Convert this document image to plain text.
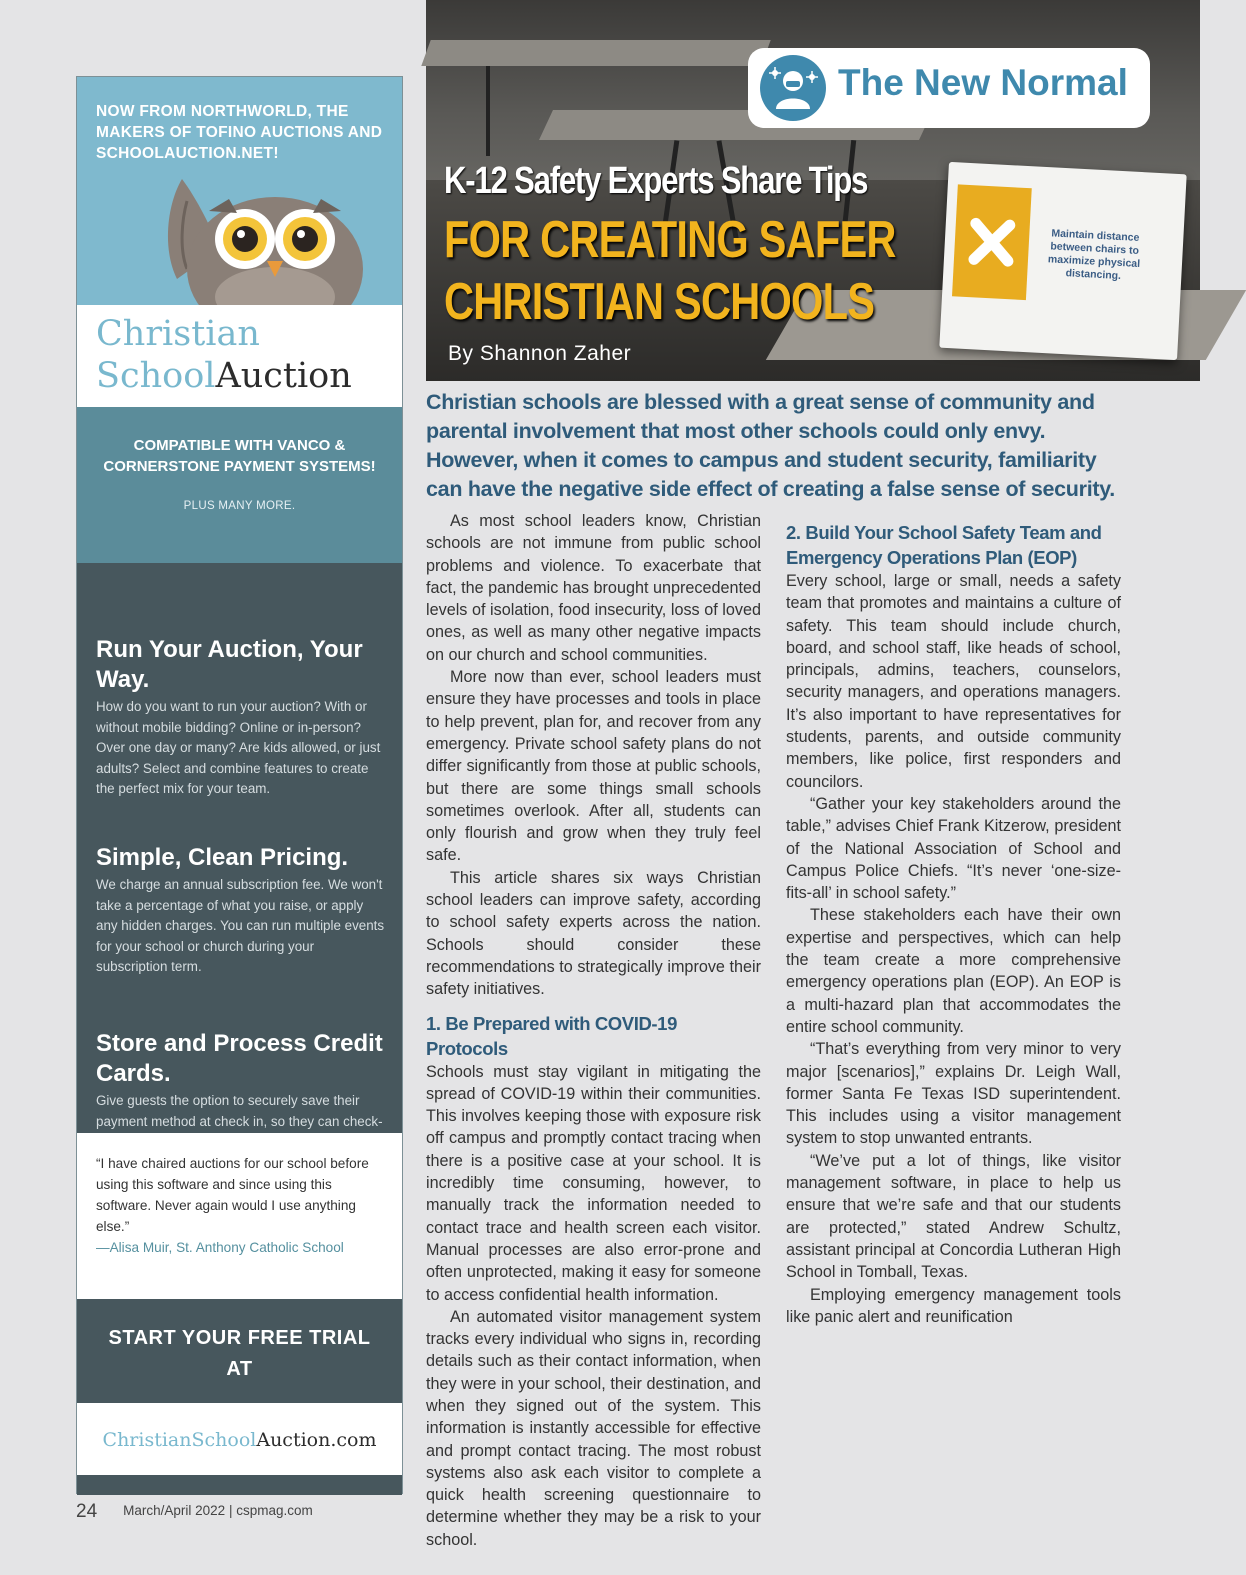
NOW FROM NORTHWORLD, THE MAKERS OF TOFINO AUCTIONS AND SCHOOLAUCTION.NET!

Christian
SchoolAuction

COMPATIBLE WITH VANCO & CORNERSTONE PAYMENT SYSTEMS!

PLUS MANY MORE.

Run Your Auction, Your Way.

How do you want to run your auction? With or without mobile bidding? Online or in-person? Over one day or many? Are kids allowed, or just adults? Select and combine features to create the perfect mix for your team.

Simple, Clean Pricing.

We charge an annual subscription fee. We won't take a percentage of what you raise, or apply any hidden charges. You can run multiple events for your school or church during your subscription term.

Store and Process Credit Cards.

Give guests the option to securely save their payment method at check in, so they can check-

“I have chaired auctions for our school before using this software and since using this software. Never again would I use anything else.”

—Alisa Muir, St. Anthony Catholic School

START YOUR FREE TRIAL AT

ChristianSchoolAuction.com
Maintain distance between chairs to maximize physical distancing.
The New Normal
K-12 Safety Experts Share Tips
FOR CREATING SAFER
CHRISTIAN SCHOOLS
By Shannon Zaher

Christian schools are blessed with a great sense of community and parental involvement that most other schools could only envy. However, when it comes to campus and student security, familiarity can have the negative side effect of creating a false sense of security.

As most school leaders know, Christian schools are not immune from public school problems and violence. To exacerbate that fact, the pandemic has brought unprecedented levels of isolation, food insecurity, loss of loved ones, as well as many other negative impacts on our church and school communities.

More now than ever, school leaders must ensure they have processes and tools in place to help prevent, plan for, and recover from any emergency. Private school safety plans do not differ significantly from those at public schools, but there are some things small schools sometimes overlook. After all, students can only flourish and grow when they truly feel safe.

This article shares six ways Christian school leaders can improve safety, according to school safety experts across the nation. Schools should consider these recommendations to strategically improve their safety initiatives.

1. Be Prepared with COVID-19 Protocols

Schools must stay vigilant in mitigating the spread of COVID-19 within their communities. This involves keeping those with exposure risk off campus and promptly contact tracing when there is a positive case at your school. It is incredibly time consuming, however, to manually track the information needed to contact trace and health screen each visitor. Manual processes are also error-prone and often unprotected, making it easy for someone to access confidential health information.

An automated visitor management system tracks every individual who signs in, recording details such as their contact information, when they were in your school, their destination, and when they signed out of the system. This information is instantly accessible for effective and prompt contact tracing. The most robust systems also ask each visitor to complete a quick health screening questionnaire to determine whether they may be a risk to your school.

2. Build Your School Safety Team and Emergency Operations Plan (EOP)

Every school, large or small, needs a safety team that promotes and maintains a culture of safety. This team should include church, board, and school staff, like heads of school, principals, admins, teachers, counselors, security managers, and operations managers. It’s also important to have representatives for students, parents, and outside community members, like police, first responders and councilors.

“Gather your key stakeholders around the table,” advises Chief Frank Kitzerow, president of the National Association of School and Campus Police Chiefs. “It’s never ‘one-size-fits-all’ in school safety.”

These stakeholders each have their own expertise and perspectives, which can help the team create a more comprehensive emergency operations plan (EOP). An EOP is a multi-hazard plan that accommodates the entire school community.

“That’s everything from very minor to very major [scenarios],” explains Dr. Leigh Wall, former Santa Fe Texas ISD superintendent. This includes using a visitor management system to stop unwanted entrants.

“We’ve put a lot of things, like visitor management software, in place to help us ensure that we’re safe and that our students are protected,” stated Andrew Schultz, assistant principal at Concordia Lutheran High School in Tomball, Texas.

Employing emergency management tools like panic alert and reunification

24 March/April 2022 | cspmag.com
